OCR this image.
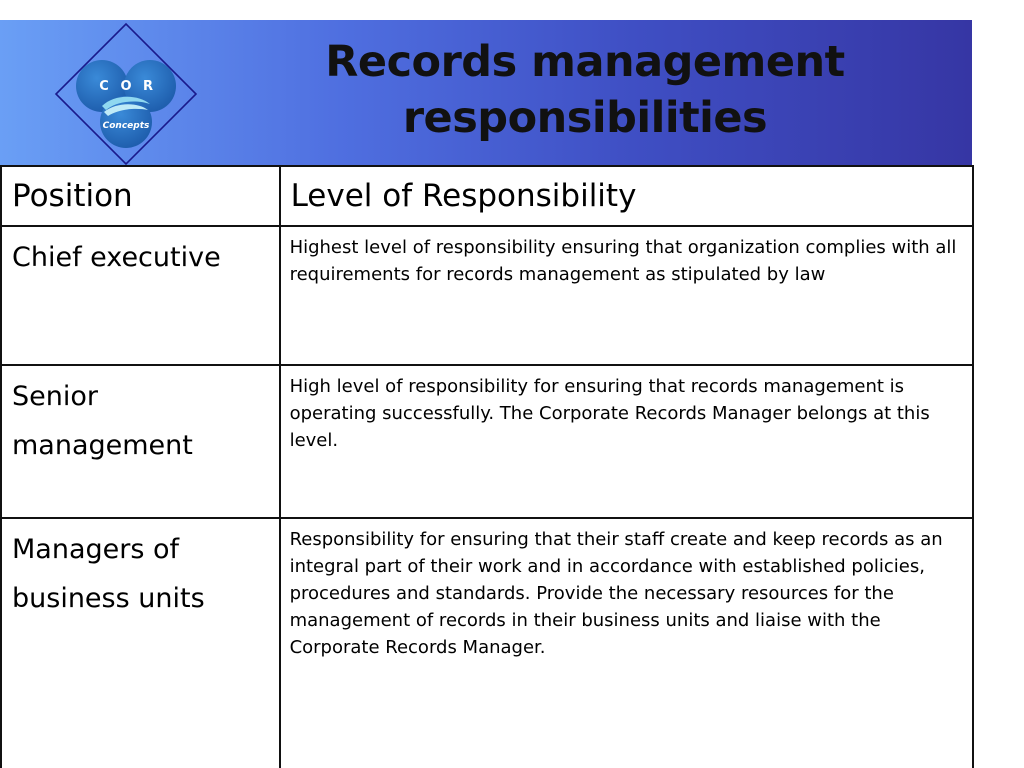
C O R
Concepts
Records management
responsibilities
Position	Level of Responsibility
Chief executive	Highest level of responsibility ensuring that organization complies with all requirements for records management as stipulated by law
Senior management	High level of responsibility for ensuring that records management is operating successfully. The Corporate Records Manager belongs at this level.
Managers of business units	Responsibility for ensuring that their staff create and keep records as an integral part of their work and in accordance with established policies, procedures and standards. Provide the necessary resources for the management of records in their business units and liaise with the Corporate Records Manager.
